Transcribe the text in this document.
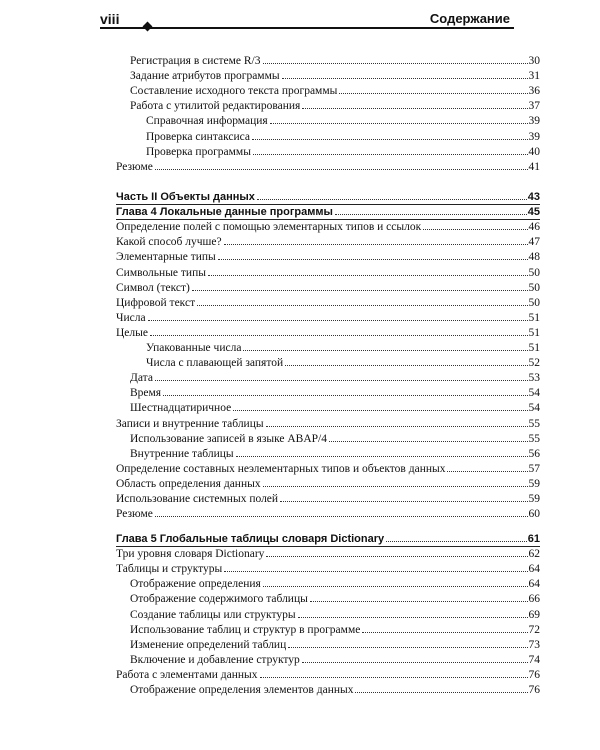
viii	Содержание
Регистрация в системе R/3	30
Задание атрибутов программы	31
Составление исходного текста программы	36
Работа с утилитой редактирования	37
Справочная информация	39
Проверка синтаксиса	39
Проверка программы	40
Резюме	41
Часть II Объекты данных	43
Глава 4 Локальные данные программы	45
Определение полей с помощью элементарных типов и ссылок	46
Какой способ лучше?	47
Элементарные типы	48
Символьные типы	50
Символ (текст)	50
Цифровой текст	50
Числа	51
Целые	51
Упакованные числа	51
Числа с плавающей запятой	52
Дата	53
Время	54
Шестнадцатиричное	54
Записи и внутренние таблицы	55
Использование записей в языке ABAP/4	55
Внутренние таблицы	56
Определение составных неэлементарных типов и объектов данных	57
Область определения данных	59
Использование системных полей	59
Резюме	60
Глава 5 Глобальные таблицы словаря Dictionary	61
Три уровня словаря Dictionary	62
Таблицы и структуры	64
Отображение определения	64
Отображение содержимого таблицы	66
Создание таблицы или структуры	69
Использование таблиц и структур в программе	72
Изменение определений таблиц	73
Включение и добавление структур	74
Работа с элементами данных	76
Отображение определения элементов данных	76
